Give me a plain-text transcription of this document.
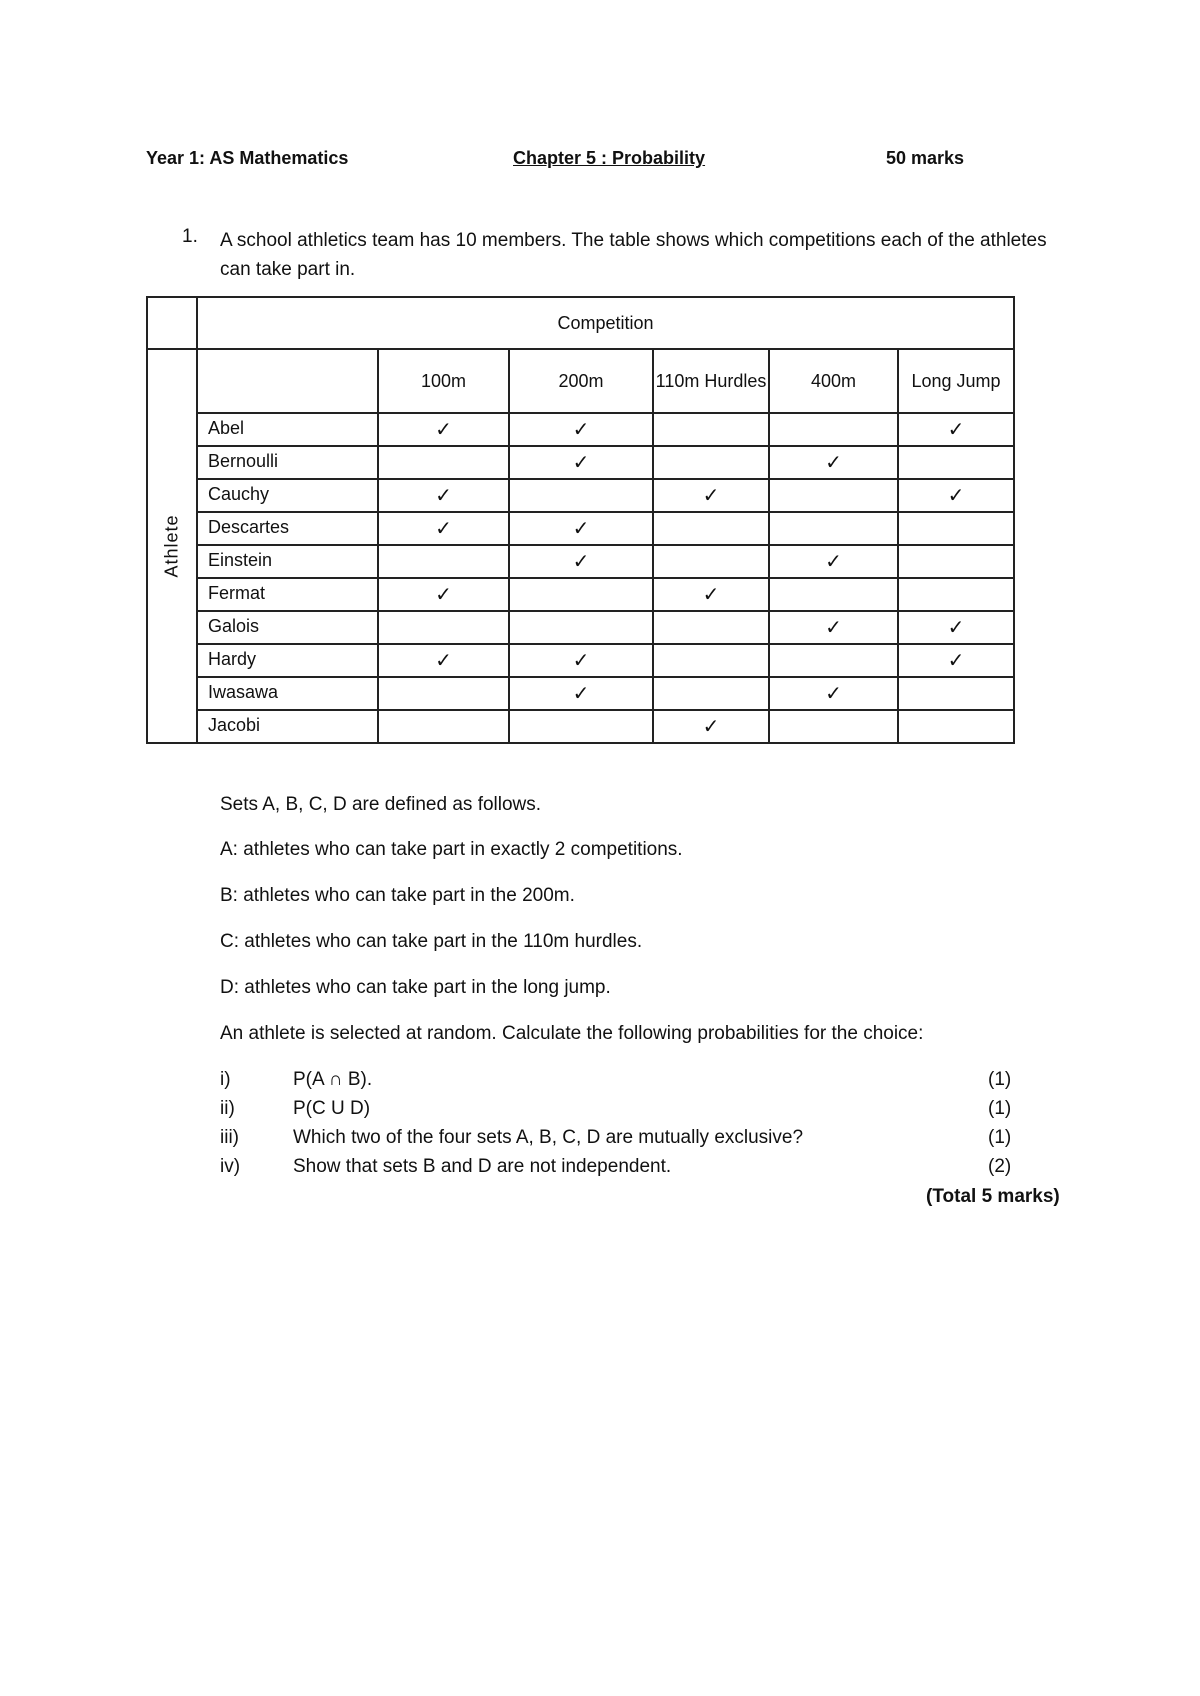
Year 1: AS Mathematics	Chapter 5 : Probability	50 marks
1. A school athletics team has 10 members. The table shows which competitions each of the athletes can take part in.
	Competition					

Athlete		100m	200m	110m Hurdles	400m	Long Jump
	Abel	✓	✓			✓
	Bernoulli		✓		✓	
	Cauchy	✓		✓		✓
	Descartes	✓	✓			
	Einstein		✓		✓	
	Fermat	✓		✓		
	Galois				✓	✓
	Hardy	✓	✓			✓
	Iwasawa		✓		✓	
	Jacobi			✓		
Sets A, B, C, D are defined as follows.
A: athletes who can take part in exactly 2 competitions.
B: athletes who can take part in the 200m.
C: athletes who can take part in the 110m hurdles.
D: athletes who can take part in the long jump.
An athlete is selected at random. Calculate the following probabilities for the choice:
i)	P(A ∩ B).	(1)
ii)	P(C U D)	(1)
iii)	Which two of the four sets A, B, C, D are mutually exclusive?	(1)
iv)	Show that sets B and D are not independent.	(2)
(Total 5 marks)
